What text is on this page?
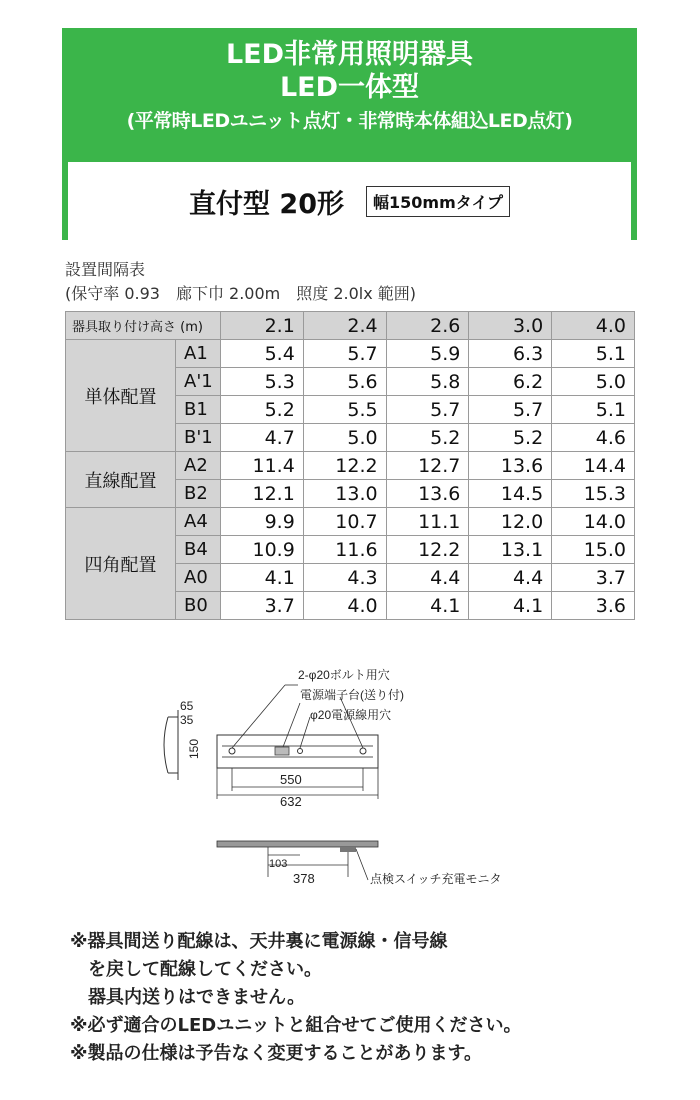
LED非常用照明器具
LED一体型
(平常時LEDユニット点灯・非常時本体組込LED点灯)
直付型 20形	幅150mmタイプ
設置間隔表
(保守率 0.93　廊下巾 2.00m　照度 2.0lx 範囲)
器具取り付け高さ (m)		2.1	2.4	2.6	3.0	4.0
単体配置	A1	5.4	5.7	5.9	6.3	5.1
	A'1	5.3	5.6	5.8	6.2	5.0
	B1	5.2	5.5	5.7	5.7	5.1
	B'1	4.7	5.0	5.2	5.2	4.6
直線配置	A2	11.4	12.2	12.7	13.6	14.4
	B2	12.1	13.0	13.6	14.5	15.3
四角配置	A4	9.9	10.7	11.1	12.0	14.0
	B4	10.9	11.6	12.2	13.1	15.0
	A0	4.1	4.3	4.4	4.4	3.7
	B0	3.7	4.0	4.1	4.1	3.6
65
35
150
2-φ20ボルト用穴
電源端子台(送り付)
φ20電源線用穴
550
632
103
378	点検スイッチ充電モニタ
※器具間送り配線は、天井裏に電源線・信号線
を戻して配線してください。
器具内送りはできません。
※必ず適合のLEDユニットと組合せてご使用ください。
※製品の仕様は予告なく変更することがあります。
